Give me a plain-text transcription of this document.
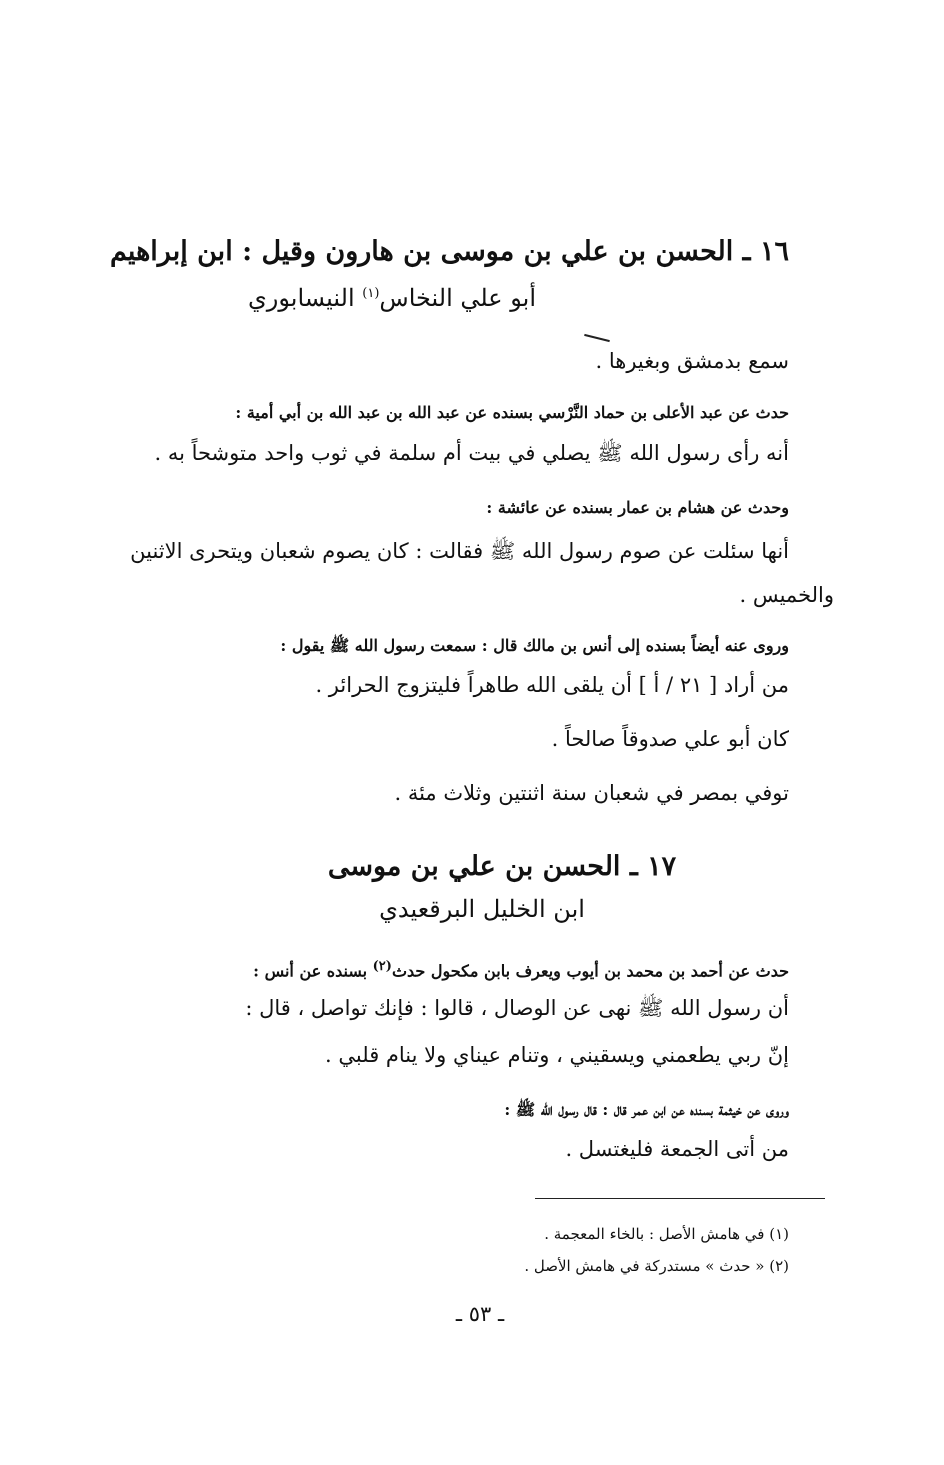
١٦ ـ الحسن بن علي بن موسى بن هارون وقيل : ابن إبراهيم
أبو علي النخاس$^{(١)}$ النيسابوري
سمع بدمشق وبغيرها .
حدث عن عبد الأعلى بن حماد النَّرْسي بسنده عن عبد الله بن عبد الله بن أبي أمية :
أنه رأى رسول الله ﷺ يصلي في بيت أم سلمة في ثوب واحد متوشحاً به .
وحدث عن هشام بن عمار بسنده عن عائشة :
أنها سئلت عن صوم رسول الله ﷺ فقالت : كان يصوم شعبان ويتحرى الاثنين
والخميس .
وروى عنه أيضاً بسنده إلى أنس بن مالك قال : سمعت رسول الله ﷺ يقول :
من أراد [ ٢١ / أ ] أن يلقى الله طاهراً فليتزوج الحرائر .
كان أبو علي صدوقاً صالحاً .
توفي بمصر في شعبان سنة اثنتين وثلاث مئة .
١٧ ـ الحسن بن علي بن موسى
ابن الخليل البرقعيدي
حدث عن أحمد بن محمد بن أيوب ويعرف بابن مكحول حدث$^{(٢)}$ بسنده عن أنس :
أن رسول الله ﷺ نهى عن الوصال ، قالوا : فإنك تواصل ، قال :
إنّ ربي يطعمني ويسقيني ، وتنام عيناي ولا ينام قلبي .
وروى عن خيثمة بسنده عن ابن عمر قال : قال رسول الله ﷺ :
من أتى الجمعة فليغتسل .
(١) في هامش الأصل : بالخاء المعجمة .
(٢) « حدث » مستدركة في هامش الأصل .
ـ ٥٣ ـ
